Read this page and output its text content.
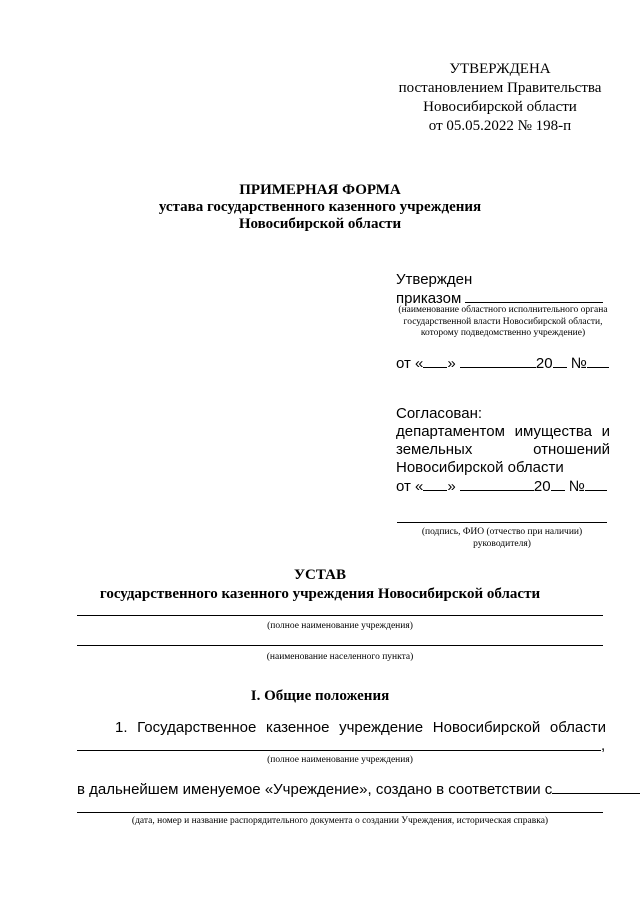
УТВЕРЖДЕНА
постановлением Правительства
Новосибирской области
от 05.05.2022 № 198-п
ПРИМЕРНАЯ ФОРМА
устава государственного казенного учреждения
Новосибирской области
Утвержден
приказом
(наименование областного исполнительного органа государственной власти Новосибирской области, которому подведомственно учреждение)
от « »	20 №
Согласован:
департаментом имущества и
земельных	отношений
Новосибирской области
от « »	20 №
(подпись, ФИО (отчество при наличии) руководителя)
УСТАВ
государственного казенного учреждения Новосибирской области
(полное наименование учреждения)
(наименование населенного пункта)
I. Общие положения
1. Государственное казенное учреждение Новосибирской области
,
(полное наименование учреждения)
в дальнейшем именуемое «Учреждение», создано в соответствии с
(дата, номер и название распорядительного документа о создании Учреждения, историческая справка)
